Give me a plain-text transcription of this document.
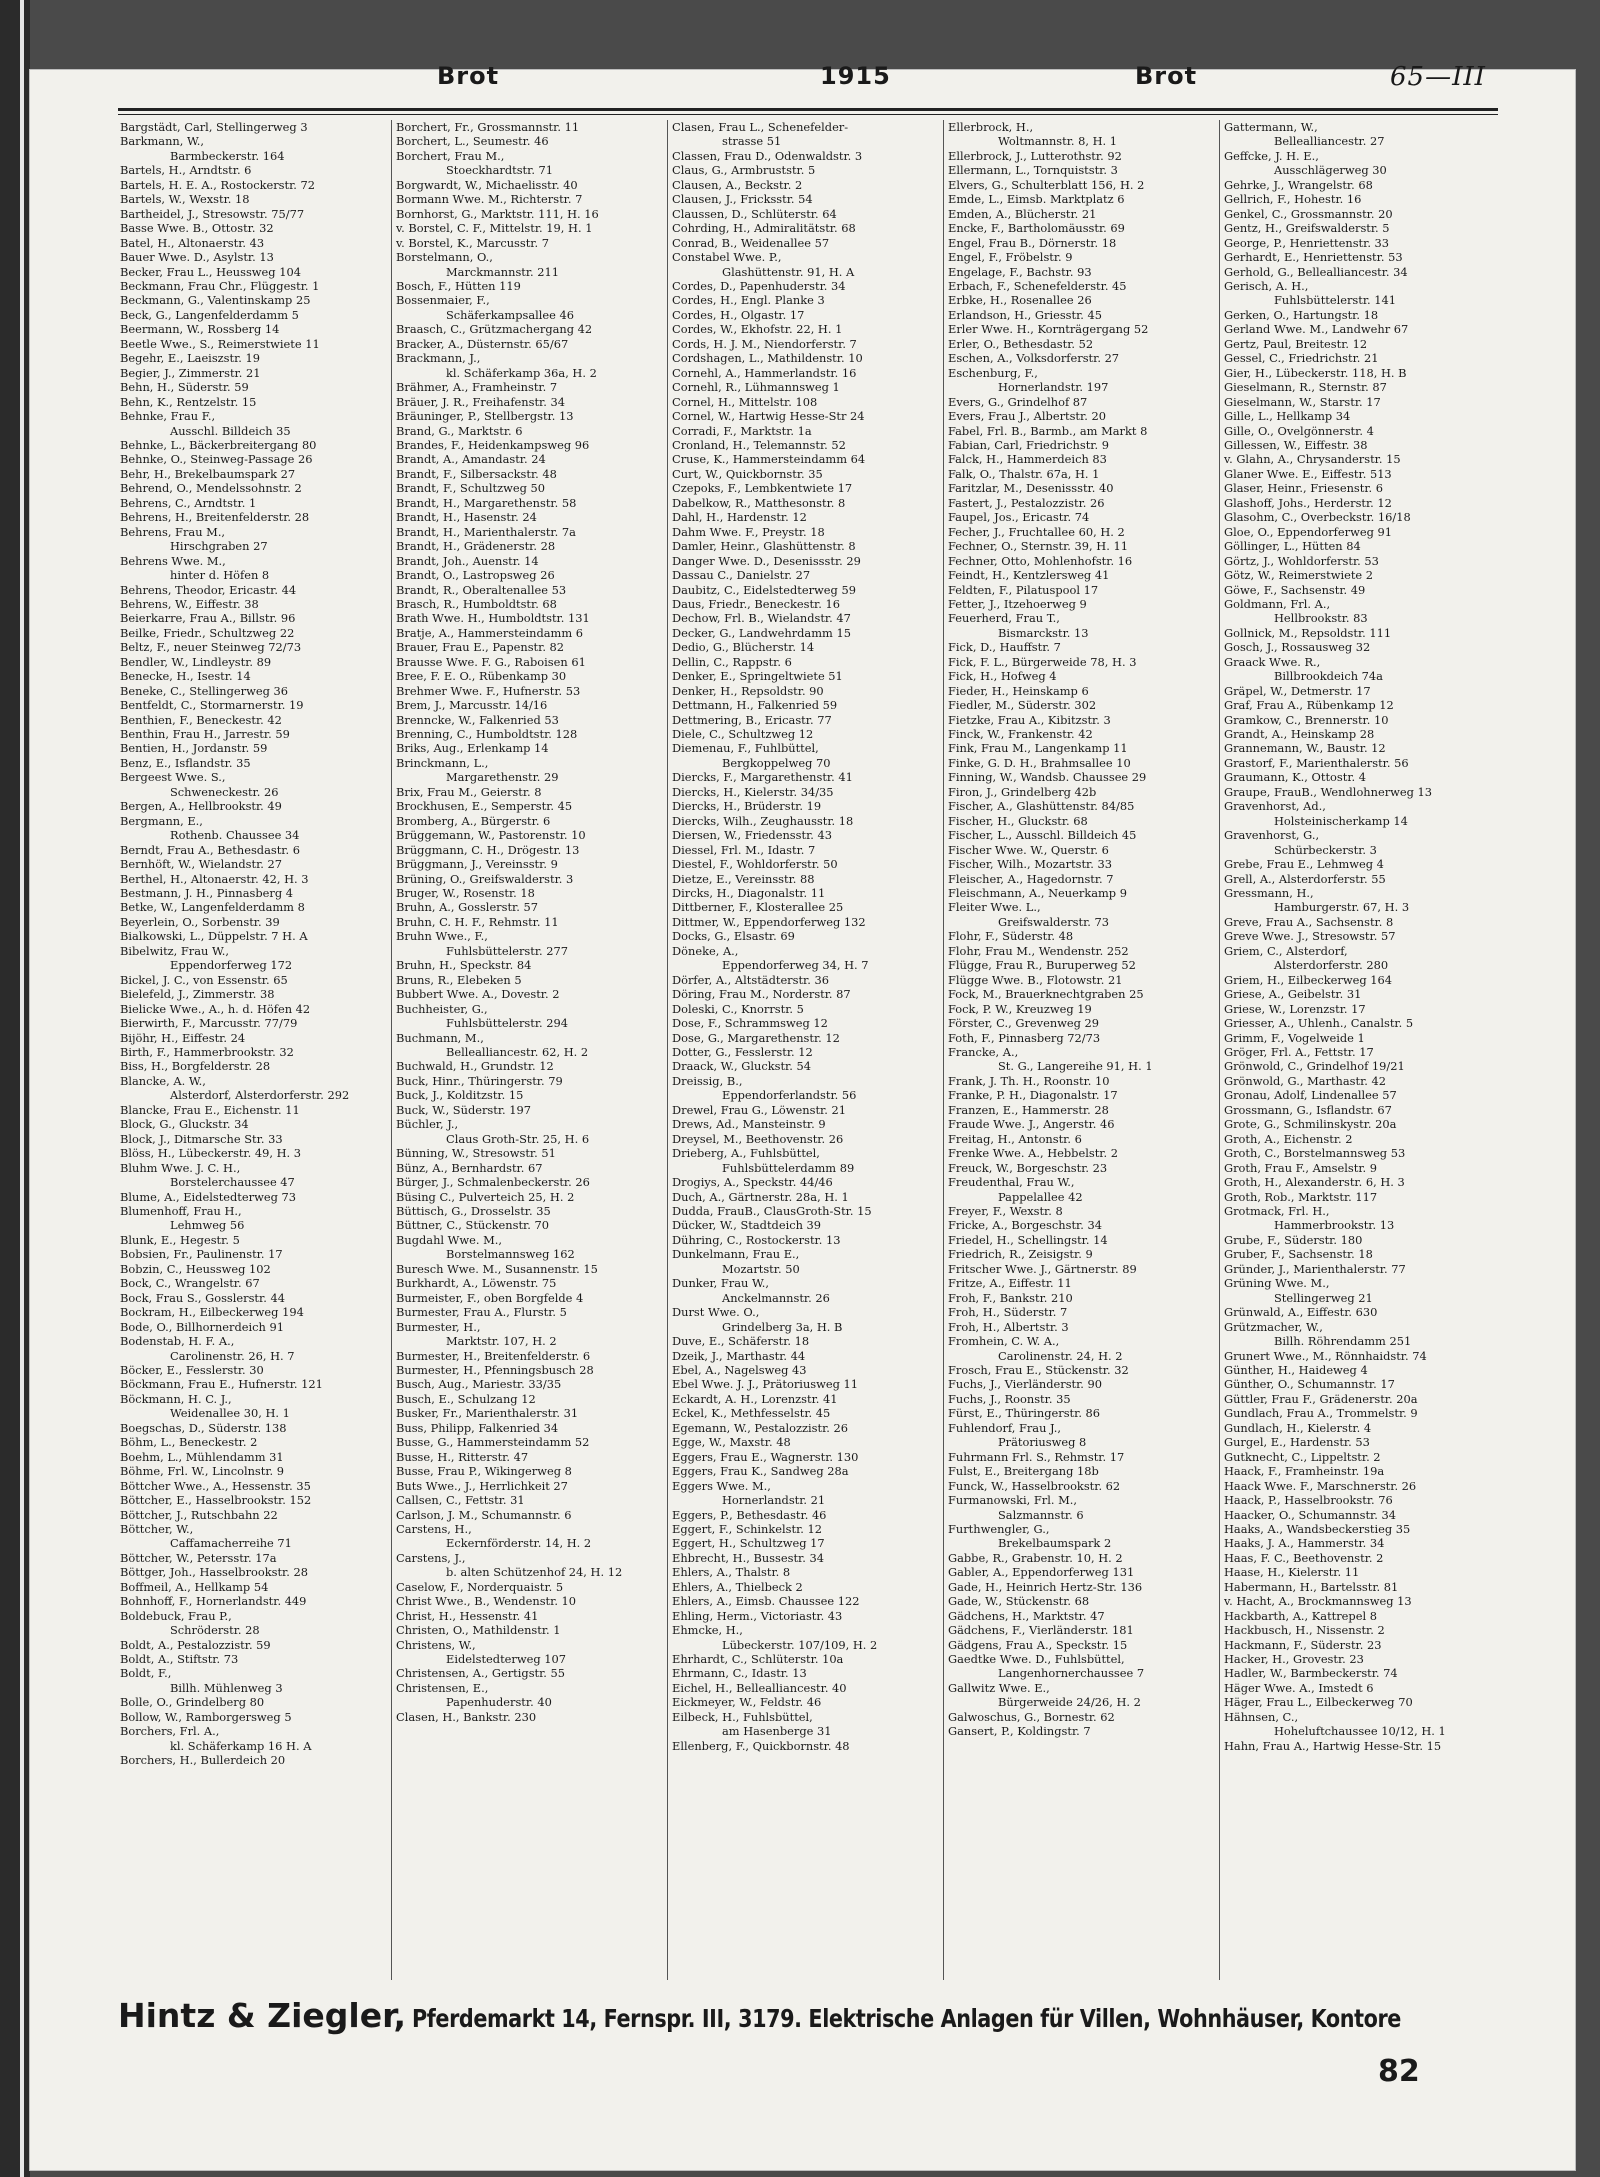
Brot	1915	Brot	65—III
Bargstädt, Carl, Stellingerweg 3
Barkmann, W.,
Barmbeckerstr. 164
Bartels, H., Arndtstr. 6
Bartels, H. E. A., Rostockerstr. 72
Bartels, W., Wexstr. 18
Bartheidel, J., Stresowstr. 75/77
Basse Wwe. B., Ottostr. 32
Batel, H., Altonaerstr. 43
Bauer Wwe. D., Asylstr. 13
Becker, Frau L., Heussweg 104
Beckmann, Frau Chr., Flüggestr. 1
Beckmann, G., Valentinskamp 25
Beck, G., Langenfelderdamm 5
Beermann, W., Rossberg 14
Beetle Wwe., S., Reimerstwiete 11
Begehr, E., Laeiszstr. 19
Begier, J., Zimmerstr. 21
Behn, H., Süderstr. 59
Behn, K., Rentzelstr. 15
Behnke, Frau F.,
Ausschl. Billdeich 35
Behnke, L., Bäckerbreitergang 80
Behnke, O., Steinweg-Passage 26
Behr, H., Brekelbaumspark 27
Behrend, O., Mendelssohnstr. 2
Behrens, C., Arndtstr. 1
Behrens, H., Breitenfelderstr. 28
Behrens, Frau M.,
Hirschgraben 27
Behrens Wwe. M.,
hinter d. Höfen 8
Behrens, Theodor, Ericastr. 44
Behrens, W., Eiffestr. 38
Beierkarre, Frau A., Billstr. 96
Beilke, Friedr., Schultzweg 22
Beltz, F., neuer Steinweg 72/73
Bendler, W., Lindleystr. 89
Benecke, H., Isestr. 14
Beneke, C., Stellingerweg 36
Bentfeldt, C., Stormarnerstr. 19
Benthien, F., Beneckestr. 42
Benthin, Frau H., Jarrestr. 59
Bentien, H., Jordanstr. 59
Benz, E., Isflandstr. 35
Bergeest Wwe. S.,
Schweneckestr. 26
Bergen, A., Hellbrookstr. 49
Bergmann, E.,
Rothenb. Chaussee 34
Berndt, Frau A., Bethesdastr. 6
Bernhöft, W., Wielandstr. 27
Berthel, H., Altonaerstr. 42, H. 3
Bestmann, J. H., Pinnasberg 4
Betke, W., Langenfelderdamm 8
Beyerlein, O., Sorbenstr. 39
Bialkowski, L., Düppelstr. 7 H. A
Bibelwitz, Frau W.,
Eppendorferweg 172
Bickel, J. C., von Essenstr. 65
Bielefeld, J., Zimmerstr. 38
Bielicke Wwe., A., h. d. Höfen 42
Bierwirth, F., Marcusstr. 77/79
Bijöhr, H., Eiffestr. 24
Birth, F., Hammerbrookstr. 32
Biss, H., Borgfelderstr. 28
Blancke, A. W.,
Alsterdorf, Alsterdorferstr. 292
Blancke, Frau E., Eichenstr. 11
Block, G., Gluckstr. 34
Block, J., Ditmarsche Str. 33
Blöss, H., Lübeckerstr. 49, H. 3
Bluhm Wwe. J. C. H.,
Borstelerchaussee 47
Blume, A., Eidelstedterweg 73
Blumenhoff, Frau H.,
Lehmweg 56
Blunk, E., Hegestr. 5
Bobsien, Fr., Paulinenstr. 17
Bobzin, C., Heussweg 102
Bock, C., Wrangelstr. 67
Bock, Frau S., Gosslerstr. 44
Bockram, H., Eilbeckerweg 194
Bode, O., Billhornerdeich 91
Bodenstab, H. F. A.,
Carolinenstr. 26, H. 7
Böcker, E., Fesslerstr. 30
Böckmann, Frau E., Hufnerstr. 121
Böckmann, H. C. J.,
Weidenallee 30, H. 1
Boegschas, D., Süderstr. 138
Böhm, L., Beneckestr. 2
Boehm, L., Mühlendamm 31
Böhme, Frl. W., Lincolnstr. 9
Böttcher Wwe., A., Hessenstr. 35
Böttcher, E., Hasselbrookstr. 152
Böttcher, J., Rutschbahn 22
Böttcher, W.,
Caffamacherreihe 71
Böttcher, W., Petersstr. 17a
Böttger, Joh., Hasselbrookstr. 28
Boffmeil, A., Hellkamp 54
Bohnhoff, F., Hornerlandstr. 449
Boldebuck, Frau P.,
Schröderstr. 28
Boldt, A., Pestalozzistr. 59
Boldt, A., Stiftstr. 73
Boldt, F.,
Billh. Mühlenweg 3
Bolle, O., Grindelberg 80
Bollow, W., Ramborgersweg 5
Borchers, Frl. A.,
kl. Schäferkamp 16 H. A
Borchers, H., Bullerdeich 20
Borchert, Fr., Grossmannstr. 11
Borchert, L., Seumestr. 46
Borchert, Frau M.,
Stoeckhardtstr. 71
Borgwardt, W., Michaelisstr. 40
Bormann Wwe. M., Richterstr. 7
Bornhorst, G., Marktstr. 111, H. 16
v. Borstel, C. F., Mittelstr. 19, H. 1
v. Borstel, K., Marcusstr. 7
Borstelmann, O.,
Marckmannstr. 211
Bosch, F., Hütten 119
Bossenmaier, F.,
Schäferkampsallee 46
Braasch, C., Grützmachergang 42
Bracker, A., Düsternstr. 65/67
Brackmann, J.,
kl. Schäferkamp 36a, H. 2
Brähmer, A., Framheinstr. 7
Bräuer, J. R., Freihafenstr. 34
Bräuninger, P., Stellbergstr. 13
Brand, G., Marktstr. 6
Brandes, F., Heidenkampsweg 96
Brandt, A., Amandastr. 24
Brandt, F., Silbersackstr. 48
Brandt, F., Schultzweg 50
Brandt, H., Margarethenstr. 58
Brandt, H., Hasenstr. 24
Brandt, H., Marienthalerstr. 7a
Brandt, H., Grädenerstr. 28
Brandt, Joh., Auenstr. 14
Brandt, O., Lastropsweg 26
Brandt, R., Oberaltenallee 53
Brasch, R., Humboldtstr. 68
Brath Wwe. H., Humboldtstr. 131
Bratje, A., Hammersteindamm 6
Brauer, Frau E., Papenstr. 82
Brausse Wwe. F. G., Raboisen 61
Bree, F. E. O., Rübenkamp 30
Brehmer Wwe. F., Hufnerstr. 53
Brem, J., Marcusstr. 14/16
Brenncke, W., Falkenried 53
Brenning, C., Humboldtstr. 128
Briks, Aug., Erlenkamp 14
Brinckmann, L.,
Margarethenstr. 29
Brix, Frau M., Geierstr. 8
Brockhusen, E., Semperstr. 45
Bromberg, A., Bürgerstr. 6
Brüggemann, W., Pastorenstr. 10
Brüggmann, C. H., Drögestr. 13
Brüggmann, J., Vereinsstr. 9
Brüning, O., Greifswalderstr. 3
Bruger, W., Rosenstr. 18
Bruhn, A., Gosslerstr. 57
Bruhn, C. H. F., Rehmstr. 11
Bruhn Wwe., F.,
Fuhlsbüttelerstr. 277
Bruhn, H., Speckstr. 84
Bruns, R., Elebeken 5
Bubbert Wwe. A., Dovestr. 2
Buchheister, G.,
Fuhlsbüttelerstr. 294
Buchmann, M.,
Bellealliancestr. 62, H. 2
Buchwald, H., Grundstr. 12
Buck, Hinr., Thüringerstr. 79
Buck, J., Kolditzstr. 15
Buck, W., Süderstr. 197
Büchler, J.,
Claus Groth-Str. 25, H. 6
Bünning, W., Stresowstr. 51
Bünz, A., Bernhardstr. 67
Bürger, J., Schmalenbeckerstr. 26
Büsing C., Pulverteich 25, H. 2
Büttisch, G., Drosselstr. 35
Büttner, C., Stückenstr. 70
Bugdahl Wwe. M.,
Borstelmannsweg 162
Buresch Wwe. M., Susannenstr. 15
Burkhardt, A., Löwenstr. 75
Burmeister, F., oben Borgfelde 4
Burmester, Frau A., Flurstr. 5
Burmester, H.,
Marktstr. 107, H. 2
Burmester, H., Breitenfelderstr. 6
Burmester, H., Pfenningsbusch 28
Busch, Aug., Mariestr. 33/35
Busch, E., Schulzang 12
Busker, Fr., Marienthalerstr. 31
Buss, Philipp, Falkenried 34
Busse, G., Hammersteindamm 52
Busse, H., Ritterstr. 47
Busse, Frau P., Wikingerweg 8
Buts Wwe., J., Herrlichkeit 27
Callsen, C., Fettstr. 31
Carlson, J. M., Schumannstr. 6
Carstens, H.,
Eckernförderstr. 14, H. 2
Carstens, J.,
b. alten Schützenhof 24, H. 12
Caselow, F., Norderquaistr. 5
Christ Wwe., B., Wendenstr. 10
Christ, H., Hessenstr. 41
Christen, O., Mathildenstr. 1
Christens, W.,
Eidelstedterweg 107
Christensen, A., Gertigstr. 55
Christensen, E.,
Papenhuderstr. 40
Clasen, H., Bankstr. 230
Clasen, Frau L., Schenefelder-
strasse 51
Classen, Frau D., Odenwaldstr. 3
Claus, G., Armbruststr. 5
Clausen, A., Beckstr. 2
Clausen, J., Fricksstr. 54
Claussen, D., Schlüterstr. 64
Cohrding, H., Admiralitätstr. 68
Conrad, B., Weidenallee 57
Constabel Wwe. P.,
Glashüttenstr. 91, H. A
Cordes, D., Papenhuderstr. 34
Cordes, H., Engl. Planke 3
Cordes, H., Olgastr. 17
Cordes, W., Ekhofstr. 22, H. 1
Cords, H. J. M., Niendorferstr. 7
Cordshagen, L., Mathildenstr. 10
Cornehl, A., Hammerlandstr. 16
Cornehl, R., Lühmannsweg 1
Cornel, H., Mittelstr. 108
Cornel, W., Hartwig Hesse-Str 24
Corradi, F., Marktstr. 1a
Cronland, H., Telemannstr. 52
Cruse, K., Hammersteindamm 64
Curt, W., Quickbornstr. 35
Czepoks, F., Lembkentwiete 17
Dabelkow, R., Matthesonstr. 8
Dahl, H., Hardenstr. 12
Dahm Wwe. F., Preystr. 18
Damler, Heinr., Glashüttenstr. 8
Danger Wwe. D., Desenissstr. 29
Dassau C., Danielstr. 27
Daubitz, C., Eidelstedterweg 59
Daus, Friedr., Beneckestr. 16
Dechow, Frl. B., Wielandstr. 47
Decker, G., Landwehrdamm 15
Dedio, G., Blücherstr. 14
Dellin, C., Rappstr. 6
Denker, E., Springeltwiete 51
Denker, H., Repsoldstr. 90
Dettmann, H., Falkenried 59
Dettmering, B., Ericastr. 77
Diele, C., Schultzweg 12
Diemenau, F., Fuhlbüttel,
Bergkoppelweg 70
Diercks, F., Margarethenstr. 41
Diercks, H., Kielerstr. 34/35
Diercks, H., Brüderstr. 19
Diercks, Wilh., Zeughausstr. 18
Diersen, W., Friedensstr. 43
Diessel, Frl. M., Idastr. 7
Diestel, F., Wohldorferstr. 50
Dietze, E., Vereinsstr. 88
Dircks, H., Diagonalstr. 11
Dittberner, F., Klosterallee 25
Dittmer, W., Eppendorferweg 132
Docks, G., Elsastr. 69
Döneke, A.,
Eppendorferweg 34, H. 7
Dörfer, A., Altstädterstr. 36
Döring, Frau M., Norderstr. 87
Doleski, C., Knorrstr. 5
Dose, F., Schrammsweg 12
Dose, G., Margarethenstr. 12
Dotter, G., Fesslerstr. 12
Draack, W., Gluckstr. 54
Dreissig, B.,
Eppendorferlandstr. 56
Drewel, Frau G., Löwenstr. 21
Drews, Ad., Mansteinstr. 9
Dreysel, M., Beethovenstr. 26
Drieberg, A., Fuhlsbüttel,
Fuhlsbüttelerdamm 89
Drogiys, A., Speckstr. 44/46
Duch, A., Gärtnerstr. 28a, H. 1
Dudda, FrauB., ClausGroth-Str. 15
Dücker, W., Stadtdeich 39
Dühring, C., Rostockerstr. 13
Dunkelmann, Frau E.,
Mozartstr. 50
Dunker, Frau W.,
Anckelmannstr. 26
Durst Wwe. O.,
Grindelberg 3a, H. B
Duve, E., Schäferstr. 18
Dzeik, J., Marthastr. 44
Ebel, A., Nagelsweg 43
Ebel Wwe. J. J., Prätoriusweg 11
Eckardt, A. H., Lorenzstr. 41
Eckel, K., Methfesselstr. 45
Egemann, W., Pestalozzistr. 26
Egge, W., Maxstr. 48
Eggers, Frau E., Wagnerstr. 130
Eggers, Frau K., Sandweg 28a
Eggers Wwe. M.,
Hornerlandstr. 21
Eggers, P., Bethesdastr. 46
Eggert, F., Schinkelstr. 12
Eggert, H., Schultzweg 17
Ehbrecht, H., Bussestr. 34
Ehlers, A., Thalstr. 8
Ehlers, A., Thielbeck 2
Ehlers, A., Eimsb. Chaussee 122
Ehling, Herm., Victoriastr. 43
Ehmcke, H.,
Lübeckerstr. 107/109, H. 2
Ehrhardt, C., Schlüterstr. 10a
Ehrmann, C., Idastr. 13
Eichel, H., Bellealliancestr. 40
Eickmeyer, W., Feldstr. 46
Eilbeck, H., Fuhlsbüttel,
am Hasenberge 31
Ellenberg, F., Quickbornstr. 48
Ellerbrock, H.,
Woltmannstr. 8, H. 1
Ellerbrock, J., Lutterothstr. 92
Ellermann, L., Tornquiststr. 3
Elvers, G., Schulterblatt 156, H. 2
Emde, L., Eimsb. Marktplatz 6
Emden, A., Blücherstr. 21
Encke, F., Bartholomäusstr. 69
Engel, Frau B., Dörnerstr. 18
Engel, F., Fröbelstr. 9
Engelage, F., Bachstr. 93
Erbach, F., Schenefelderstr. 45
Erbke, H., Rosenallee 26
Erlandson, H., Griesstr. 45
Erler Wwe. H., Kornträgergang 52
Erler, O., Bethesdastr. 52
Eschen, A., Volksdorferstr. 27
Eschenburg, F.,
Hornerlandstr. 197
Evers, G., Grindelhof 87
Evers, Frau J., Albertstr. 20
Fabel, Frl. B., Barmb., am Markt 8
Fabian, Carl, Friedrichstr. 9
Falck, H., Hammerdeich 83
Falk, O., Thalstr. 67a, H. 1
Faritzlar, M., Desenissstr. 40
Fastert, J., Pestalozzistr. 26
Faupel, Jos., Ericastr. 74
Fecher, J., Fruchtallee 60, H. 2
Fechner, O., Sternstr. 39, H. 11
Fechner, Otto, Mohlenhofstr. 16
Feindt, H., Kentzlersweg 41
Feldten, F., Pilatuspool 17
Fetter, J., Itzehoerweg 9
Feuerherd, Frau T.,
Bismarckstr. 13
Fick, D., Hauffstr. 7
Fick, F. L., Bürgerweide 78, H. 3
Fick, H., Hofweg 4
Fieder, H., Heinskamp 6
Fiedler, M., Süderstr. 302
Fietzke, Frau A., Kibitzstr. 3
Finck, W., Frankenstr. 42
Fink, Frau M., Langenkamp 11
Finke, G. D. H., Brahmsallee 10
Finning, W., Wandsb. Chaussee 29
Firon, J., Grindelberg 42b
Fischer, A., Glashüttenstr. 84/85
Fischer, H., Gluckstr. 68
Fischer, L., Ausschl. Billdeich 45
Fischer Wwe. W., Querstr. 6
Fischer, Wilh., Mozartstr. 33
Fleischer, A., Hagedornstr. 7
Fleischmann, A., Neuerkamp 9
Fleiter Wwe. L.,
Greifswalderstr. 73
Flohr, F., Süderstr. 48
Flohr, Frau M., Wendenstr. 252
Flügge, Frau R., Buruperweg 52
Flügge Wwe. B., Flotowstr. 21
Fock, M., Brauerknechtgraben 25
Fock, P. W., Kreuzweg 19
Förster, C., Grevenweg 29
Foth, F., Pinnasberg 72/73
Francke, A.,
St. G., Langereihe 91, H. 1
Frank, J. Th. H., Roonstr. 10
Franke, P. H., Diagonalstr. 17
Franzen, E., Hammerstr. 28
Fraude Wwe. J., Angerstr. 46
Freitag, H., Antonstr. 6
Frenke Wwe. A., Hebbelstr. 2
Freuck, W., Borgeschstr. 23
Freudenthal, Frau W.,
Pappelallee 42
Freyer, F., Wexstr. 8
Fricke, A., Borgeschstr. 34
Friedel, H., Schellingstr. 14
Friedrich, R., Zeisigstr. 9
Fritscher Wwe. J., Gärtnerstr. 89
Fritze, A., Eiffestr. 11
Froh, F., Bankstr. 210
Froh, H., Süderstr. 7
Froh, H., Albertstr. 3
Fromhein, C. W. A.,
Carolinenstr. 24, H. 2
Frosch, Frau E., Stückenstr. 32
Fuchs, J., Vierländerstr. 90
Fuchs, J., Roonstr. 35
Fürst, E., Thüringerstr. 86
Fuhlendorf, Frau J.,
Prätoriusweg 8
Fuhrmann Frl. S., Rehmstr. 17
Fulst, E., Breitergang 18b
Funck, W., Hasselbrookstr. 62
Furmanowski, Frl. M.,
Salzmannstr. 6
Furthwengler, G.,
Brekelbaumspark 2
Gabbe, R., Grabenstr. 10, H. 2
Gabler, A., Eppendorferweg 131
Gade, H., Heinrich Hertz-Str. 136
Gade, W., Stückenstr. 68
Gädchens, H., Marktstr. 47
Gädchens, F., Vierländerstr. 181
Gädgens, Frau A., Speckstr. 15
Gaedtke Wwe. D., Fuhlsbüttel,
Langenhornerchaussee 7
Gallwitz Wwe. E.,
Bürgerweide 24/26, H. 2
Galwoschus, G., Bornestr. 62
Gansert, P., Koldingstr. 7
Gattermann, W.,
Bellealliancestr. 27
Geffcke, J. H. E.,
Ausschlägerweg 30
Gehrke, J., Wrangelstr. 68
Gellrich, F., Hohestr. 16
Genkel, C., Grossmannstr. 20
Gentz, H., Greifswalderstr. 5
George, P., Henriettenstr. 33
Gerhardt, E., Henriettenstr. 53
Gerhold, G., Bellealliancestr. 34
Gerisch, A. H.,
Fuhlsbüttelerstr. 141
Gerken, O., Hartungstr. 18
Gerland Wwe. M., Landwehr 67
Gertz, Paul, Breitestr. 12
Gessel, C., Friedrichstr. 21
Gier, H., Lübeckerstr. 118, H. B
Gieselmann, R., Sternstr. 87
Gieselmann, W., Starstr. 17
Gille, L., Hellkamp 34
Gille, O., Ovelgönnerstr. 4
Gillessen, W., Eiffestr. 38
v. Glahn, A., Chrysanderstr. 15
Glaner Wwe. E., Eiffestr. 513
Glaser, Heinr., Friesenstr. 6
Glashoff, Johs., Herderstr. 12
Glasohm, C., Overbeckstr. 16/18
Gloe, O., Eppendorferweg 91
Göllinger, L., Hütten 84
Görtz, J., Wohldorferstr. 53
Götz, W., Reimerstwiete 2
Göwe, F., Sachsenstr. 49
Goldmann, Frl. A.,
Hellbrookstr. 83
Gollnick, M., Repsoldstr. 111
Gosch, J., Rossausweg 32
Graack Wwe. R.,
Billbrookdeich 74a
Gräpel, W., Detmerstr. 17
Graf, Frau A., Rübenkamp 12
Gramkow, C., Brennerstr. 10
Grandt, A., Heinskamp 28
Grannemann, W., Baustr. 12
Grastorf, F., Marienthalerstr. 56
Graumann, K., Ottostr. 4
Graupe, FrauB., Wendlohnerweg 13
Gravenhorst, Ad.,
Holsteinischerkamp 14
Gravenhorst, G.,
Schürbeckerstr. 3
Grebe, Frau E., Lehmweg 4
Grell, A., Alsterdorferstr. 55
Gressmann, H.,
Hamburgerstr. 67, H. 3
Greve, Frau A., Sachsenstr. 8
Greve Wwe. J., Stresowstr. 57
Griem, C., Alsterdorf,
Alsterdorferstr. 280
Griem, H., Eilbeckerweg 164
Griese, A., Geibelstr. 31
Griese, W., Lorenzstr. 17
Griesser, A., Uhlenh., Canalstr. 5
Grimm, F., Vogelweide 1
Gröger, Frl. A., Fettstr. 17
Grönwold, C., Grindelhof 19/21
Grönwold, G., Marthastr. 42
Gronau, Adolf, Lindenallee 57
Grossmann, G., Isflandstr. 67
Grote, G., Schmilinskystr. 20a
Groth, A., Eichenstr. 2
Groth, C., Borstelmannsweg 53
Groth, Frau F., Amselstr. 9
Groth, H., Alexanderstr. 6, H. 3
Groth, Rob., Marktstr. 117
Grotmack, Frl. H.,
Hammerbrookstr. 13
Grube, F., Süderstr. 180
Gruber, F., Sachsenstr. 18
Gründer, J., Marienthalerstr. 77
Grüning Wwe. M.,
Stellingerweg 21
Grünwald, A., Eiffestr. 630
Grützmacher, W.,
Billh. Röhrendamm 251
Grunert Wwe., M., Rönnhaidstr. 74
Günther, H., Haideweg 4
Günther, O., Schumannstr. 17
Güttler, Frau F., Grädenerstr. 20a
Gundlach, Frau A., Trommelstr. 9
Gundlach, H., Kielerstr. 4
Gurgel, E., Hardenstr. 53
Gutknecht, C., Lippeltstr. 2
Haack, F., Framheinstr. 19a
Haack Wwe. F., Marschnerstr. 26
Haack, P., Hasselbrookstr. 76
Haacker, O., Schumannstr. 34
Haaks, A., Wandsbeckerstieg 35
Haaks, J. A., Hammerstr. 34
Haas, F. C., Beethovenstr. 2
Haase, H., Kielerstr. 11
Habermann, H., Bartelsstr. 81
v. Hacht, A., Brockmannsweg 13
Hackbarth, A., Kattrepel 8
Hackbusch, H., Nissenstr. 2
Hackmann, F., Süderstr. 23
Hacker, H., Grovestr. 23
Hadler, W., Barmbeckerstr. 74
Häger Wwe. A., Imstedt 6
Häger, Frau L., Eilbeckerweg 70
Hähnsen, C.,
Hoheluftchaussee 10/12, H. 1
Hahn, Frau A., Hartwig Hesse-Str. 15
Hintz & Ziegler, Pferdemarkt 14, Fernspr. III, 3179. Elektrische Anlagen für Villen, Wohnhäuser, Kontore
82
